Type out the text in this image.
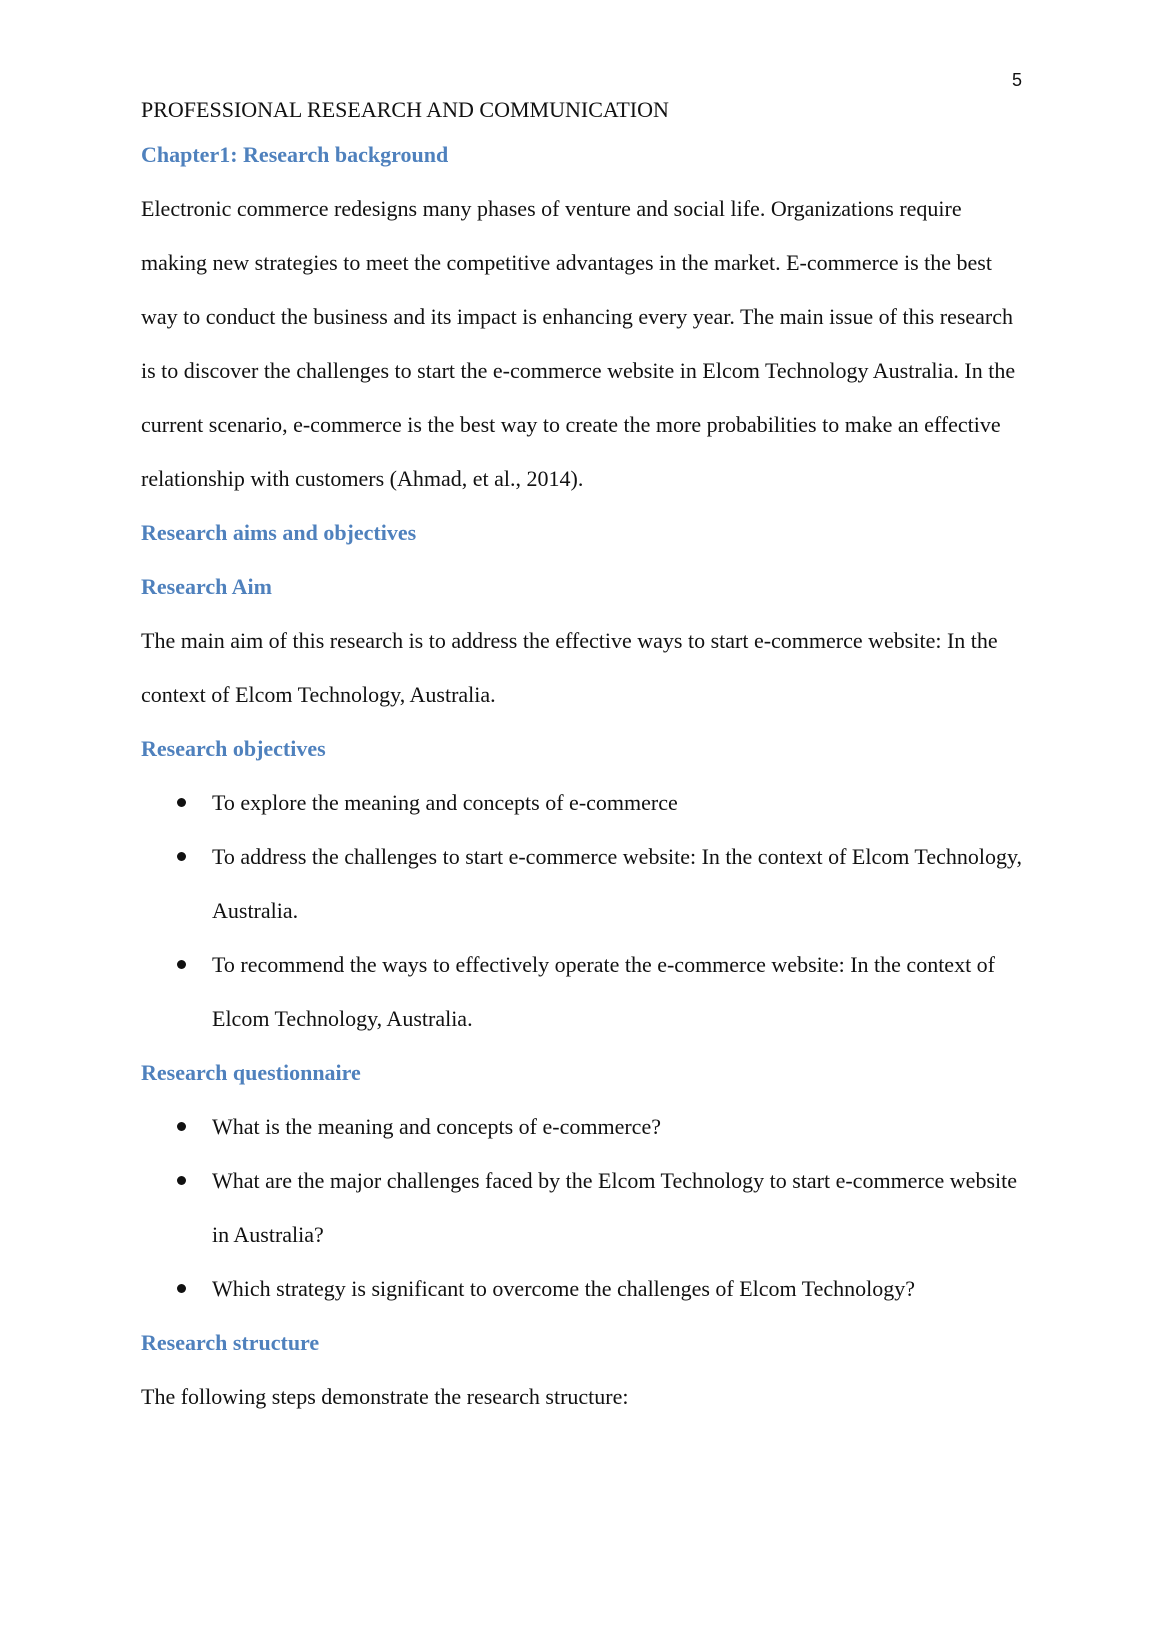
5

PROFESSIONAL RESEARCH AND COMMUNICATION

Chapter1: Research background

Electronic commerce redesigns many phases of venture and social life. Organizations require making new strategies to meet the competitive advantages in the market. E-commerce is the best way to conduct the business and its impact is enhancing every year. The main issue of this research is to discover the challenges to start the e-commerce website in Elcom Technology Australia. In the current scenario, e-commerce is the best way to create the more probabilities to make an effective relationship with customers (Ahmad, et al., 2014).

Research aims and objectives
Research Aim

The main aim of this research is to address the effective ways to start e-commerce website: In the context of Elcom Technology, Australia.

Research objectives
To explore the meaning and concepts of e-commerce
To address the challenges to start e-commerce website: In the context of Elcom Technology, Australia.
To recommend the ways to effectively operate the e-commerce website: In the context of Elcom Technology, Australia.
Research questionnaire
What is the meaning and concepts of e-commerce?
What are the major challenges faced by the Elcom Technology to start e-commerce website in Australia?
Which strategy is significant to overcome the challenges of Elcom Technology?
Research structure

The following steps demonstrate the research structure:
